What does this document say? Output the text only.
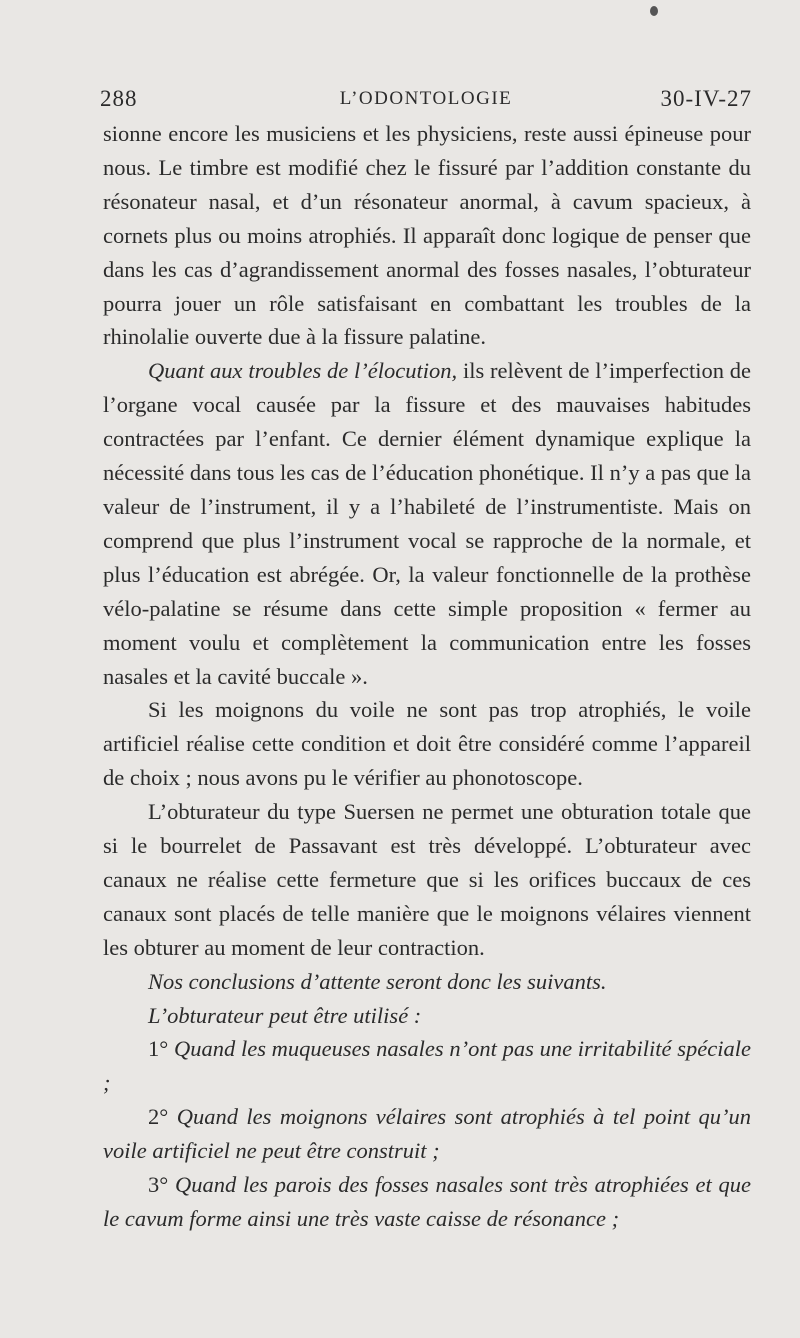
288	L’ODONTOLOGIE	30-IV-27

sionne encore les musiciens et les physiciens, reste aussi épineuse pour nous. Le timbre est modifié chez le fissuré par l’addition constante du résonateur nasal, et d’un résonateur anormal, à cavum spacieux, à cornets plus ou moins atrophiés. Il apparaît donc logique de penser que dans les cas d’agrandissement anormal des fosses nasales, l’obturateur pourra jouer un rôle satisfaisant en combattant les troubles de la rhinolalie ouverte due à la fissure palatine.

Quant aux troubles de l’élocution, ils relèvent de l’imperfection de l’organe vocal causée par la fissure et des mauvaises habitudes contractées par l’enfant. Ce dernier élément dynamique explique la nécessité dans tous les cas de l’éducation phonétique. Il n’y a pas que la valeur de l’instrument, il y a l’habileté de l’instrumentiste. Mais on comprend que plus l’instrument vocal se rapproche de la normale, et plus l’éducation est abrégée. Or, la valeur fonctionnelle de la prothèse vélo-palatine se résume dans cette simple proposition « fermer au moment voulu et complètement la communication entre les fosses nasales et la cavité buccale ».

Si les moignons du voile ne sont pas trop atrophiés, le voile artificiel réalise cette condition et doit être considéré comme l’appareil de choix ; nous avons pu le vérifier au phonotoscope.

L’obturateur du type Suersen ne permet une obturation totale que si le bourrelet de Passavant est très développé. L’obturateur avec canaux ne réalise cette fermeture que si les orifices buccaux de ces canaux sont placés de telle manière que le moignons vélaires viennent les obturer au moment de leur contraction.

Nos conclusions d’attente seront donc les suivants.

L’obturateur peut être utilisé :

1° Quand les muqueuses nasales n’ont pas une irritabilité spéciale ;

2° Quand les moignons vélaires sont atrophiés à tel point qu’un voile artificiel ne peut être construit ;

3° Quand les parois des fosses nasales sont très atrophiées et que le cavum forme ainsi une très vaste caisse de résonance ;
